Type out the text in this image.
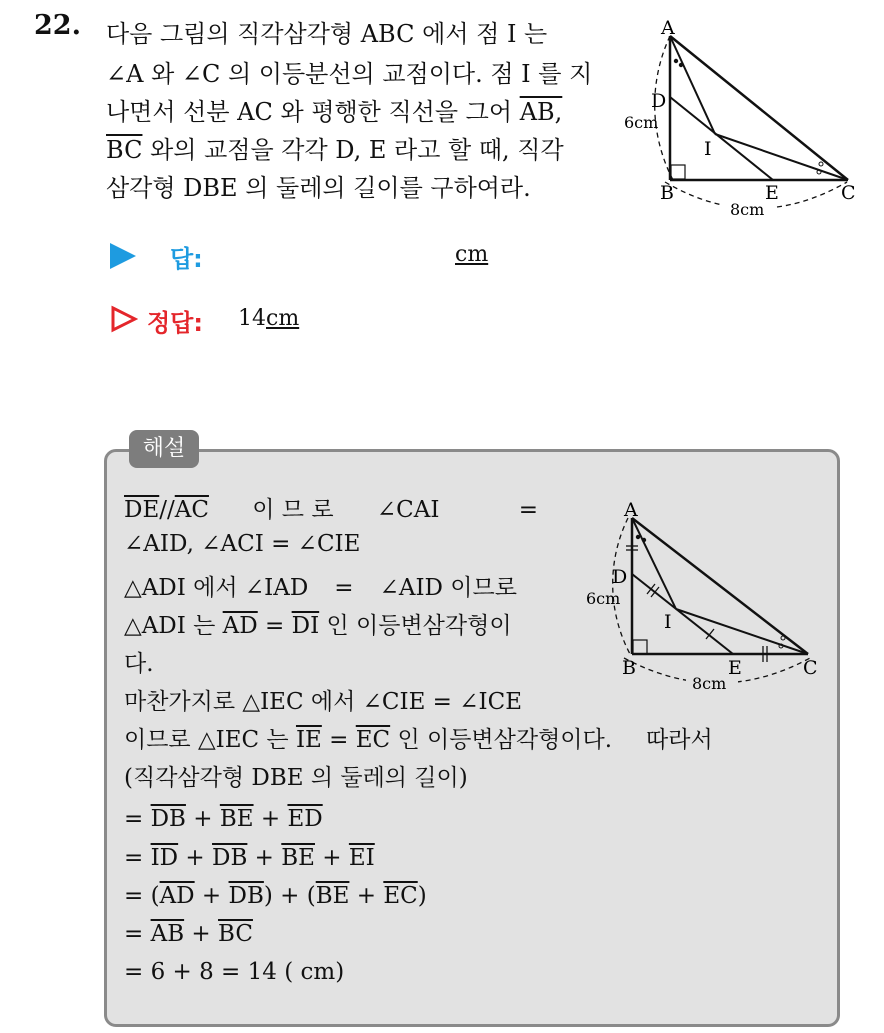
22. 다음 그림의 직각삼각형 ABC 에서 점 I 는
∠A 와 ∠C 의 이등분선의 교점이다. 점 I 를 지
나면서 선분 AC 와 평행한 직선을 그어 AB,
$\overline{BC}$ 와의 교점을 각각 D, E 라고 할 때, 직각
삼각형 DBE 의 둘레의 길이를 구하여라.
A
B	C
D
E
I
6cm
8cm
답:	cm
정답: 14cm
해설
$\overline{DE}//\overline{AC}$ 이 므 로 ∠CAI	=
∠AID, ∠ACI = ∠CIE
△ADI 에서 ∠IAD = ∠AID 이므로
△ADI 는 $\overline{AD} = \overline{DI}$ 인 이등변삼각형이
다.
마찬가지로 △IEC 에서 ∠CIE = ∠ICE
이므로 △IEC 는 $\overline{IE} = \overline{EC}$ 인 이등변삼각형이다. 따라서
(직각삼각형 DBE 의 둘레의 길이)
= $\overline{DB} + \overline{BE} + \overline{ED}$
= $\overline{ID} + \overline{DB} + \overline{BE} + \overline{EI}$
= $(\overline{AD} + \overline{DB}) + (\overline{BE} + \overline{EC})$
= $\overline{AB} + \overline{BC}$
= 6 + 8 = 14 ( cm)
A
B	C
D
E
I
6cm
8cm
